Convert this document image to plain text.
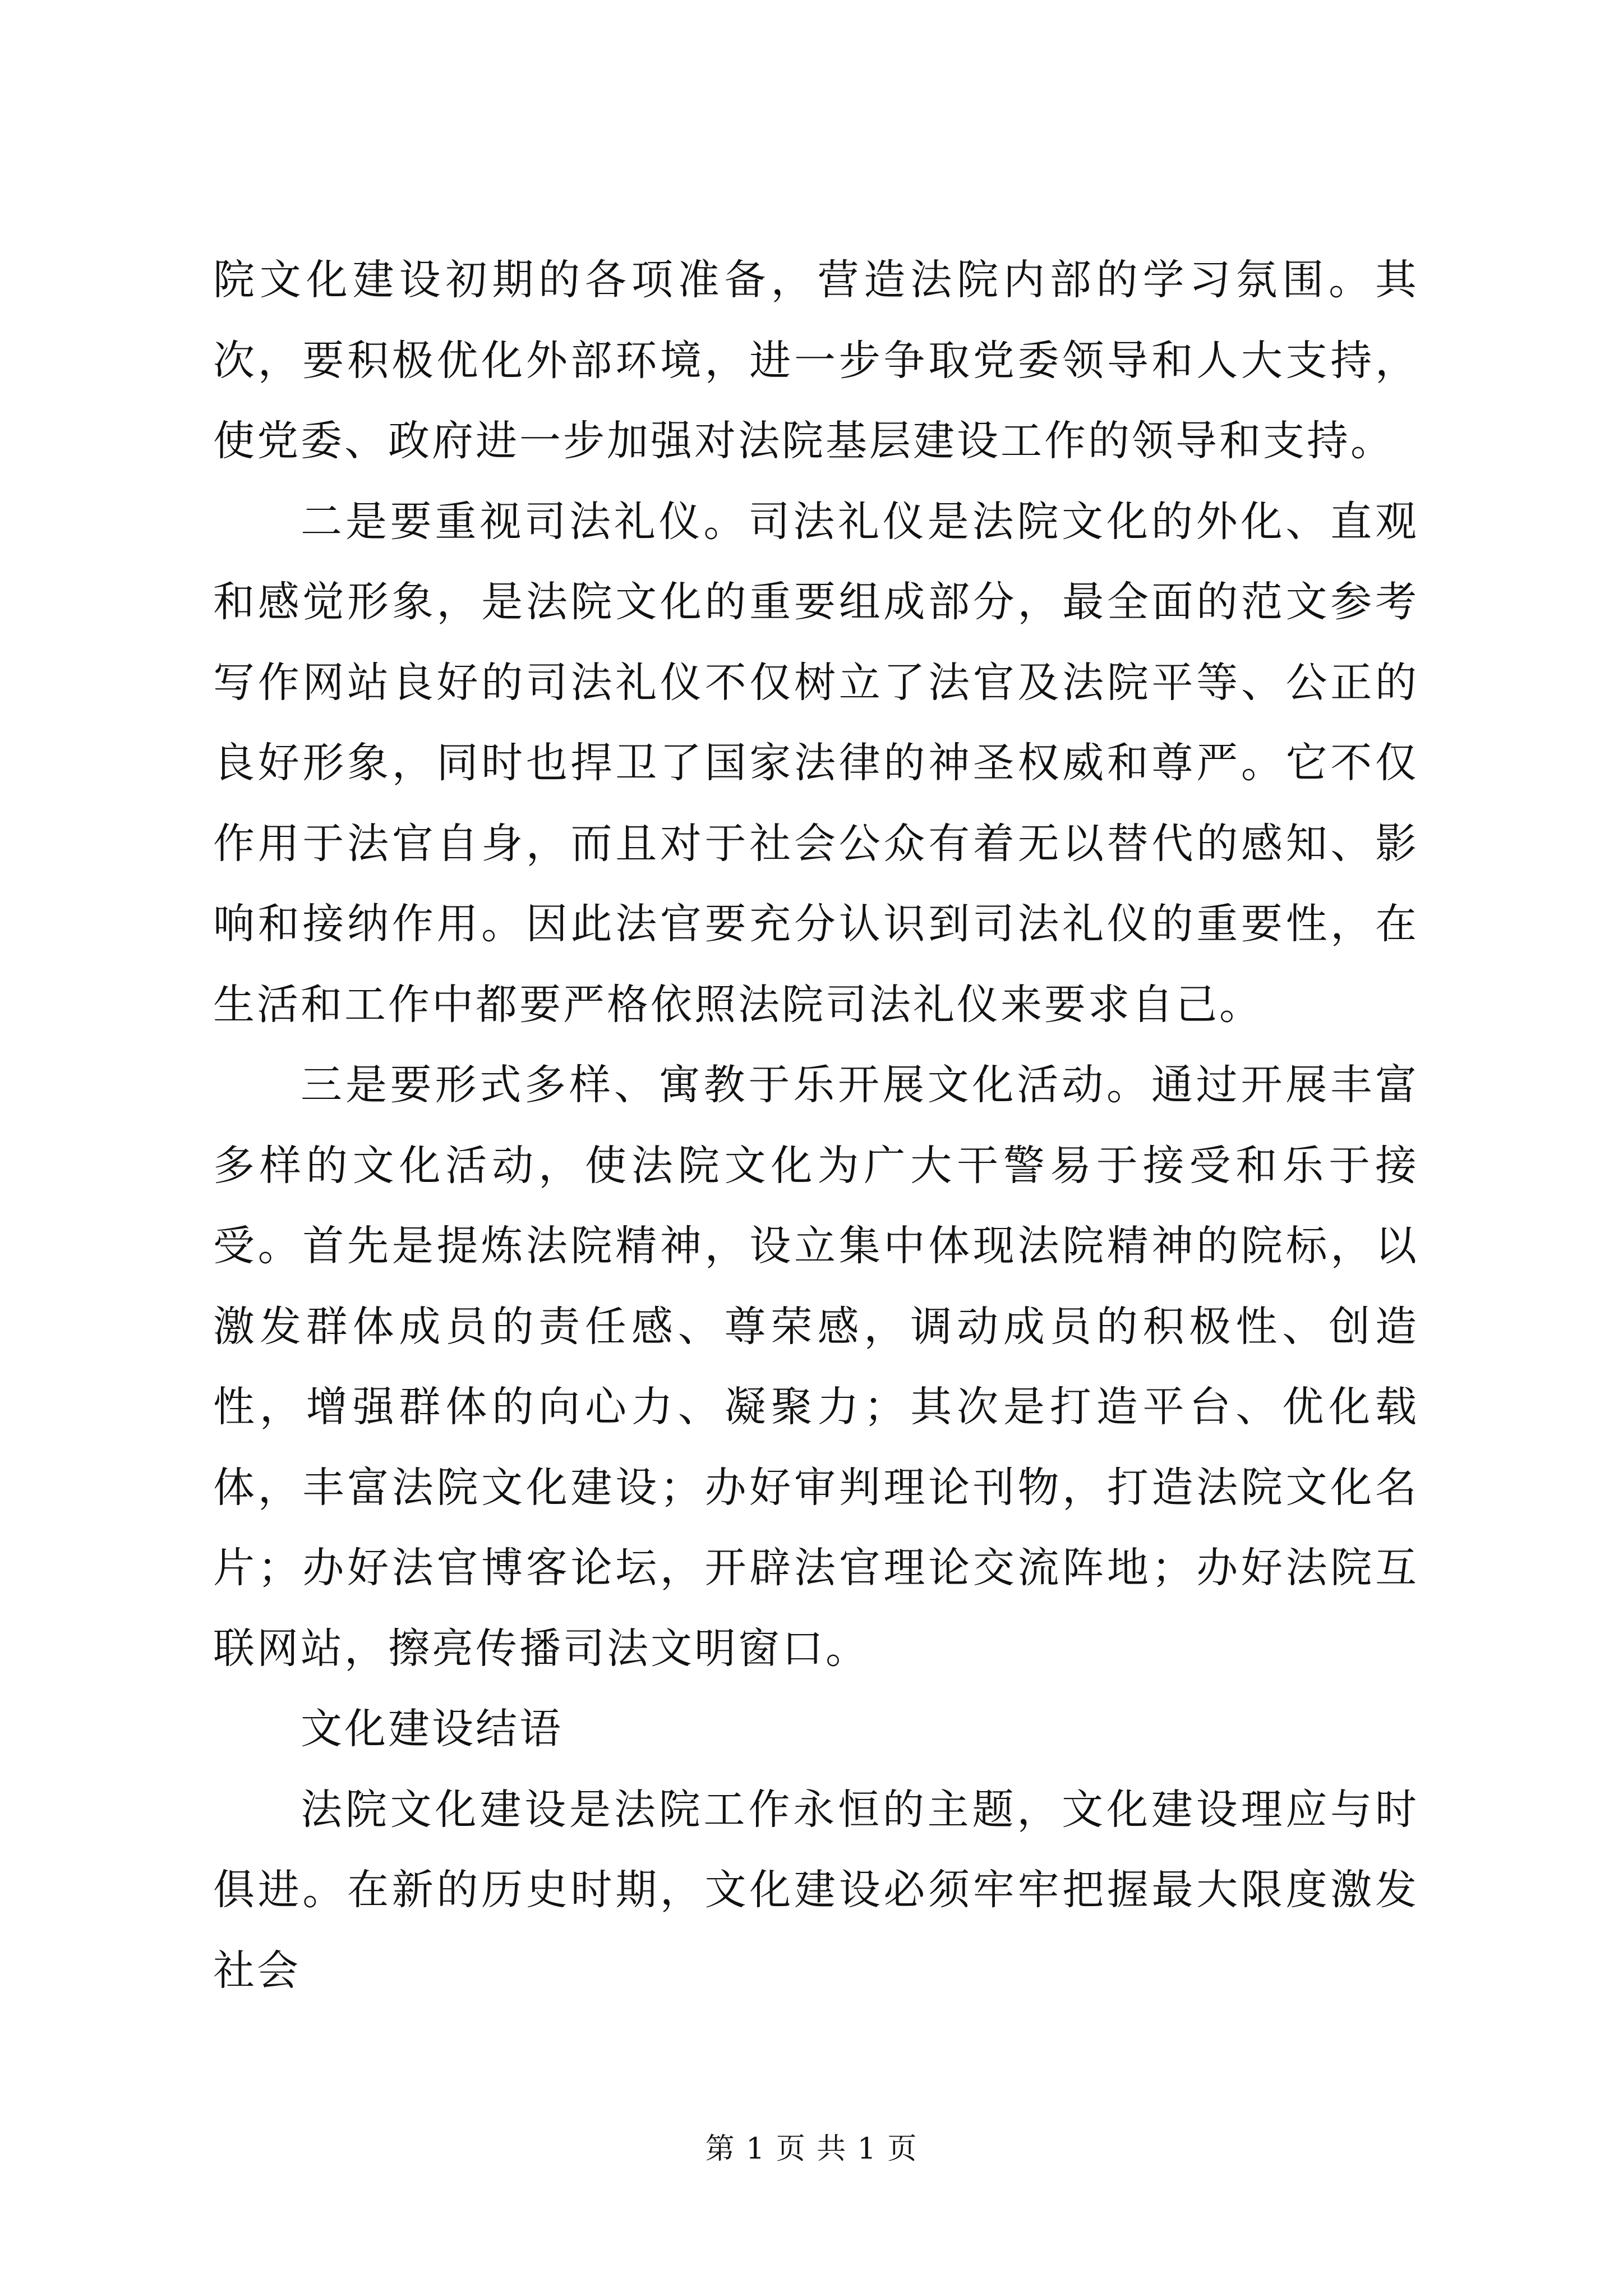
院文化建设初期的各项准备，营造法院内部的学习氛围。其次，要积极优化外部环境，进一步争取党委领导和人大支持，使党委、政府进一步加强对法院基层建设工作的领导和支持。

二是要重视司法礼仪。司法礼仪是法院文化的外化、直观和感觉形象，是法院文化的重要组成部分，最全面的范文参考写作网站良好的司法礼仪不仅树立了法官及法院平等、公正的良好形象，同时也捍卫了国家法律的神圣权威和尊严。它不仅作用于法官自身，而且对于社会公众有着无以替代的感知、影响和接纳作用。因此法官要充分认识到司法礼仪的重要性，在生活和工作中都要严格依照法院司法礼仪来要求自己。

三是要形式多样、寓教于乐开展文化活动。通过开展丰富多样的文化活动，使法院文化为广大干警易于接受和乐于接受。首先是提炼法院精神，设立集中体现法院精神的院标，以激发群体成员的责任感、尊荣感，调动成员的积极性、创造性，增强群体的向心力、凝聚力；其次是打造平台、优化载体，丰富法院文化建设；办好审判理论刊物，打造法院文化名片；办好法官博客论坛，开辟法官理论交流阵地；办好法院互联网站，擦亮传播司法文明窗口。

文化建设结语

法院文化建设是法院工作永恒的主题，文化建设理应与时俱进。在新的历史时期，文化建设必须牢牢把握最大限度激发社会

第 1 页 共 1 页
